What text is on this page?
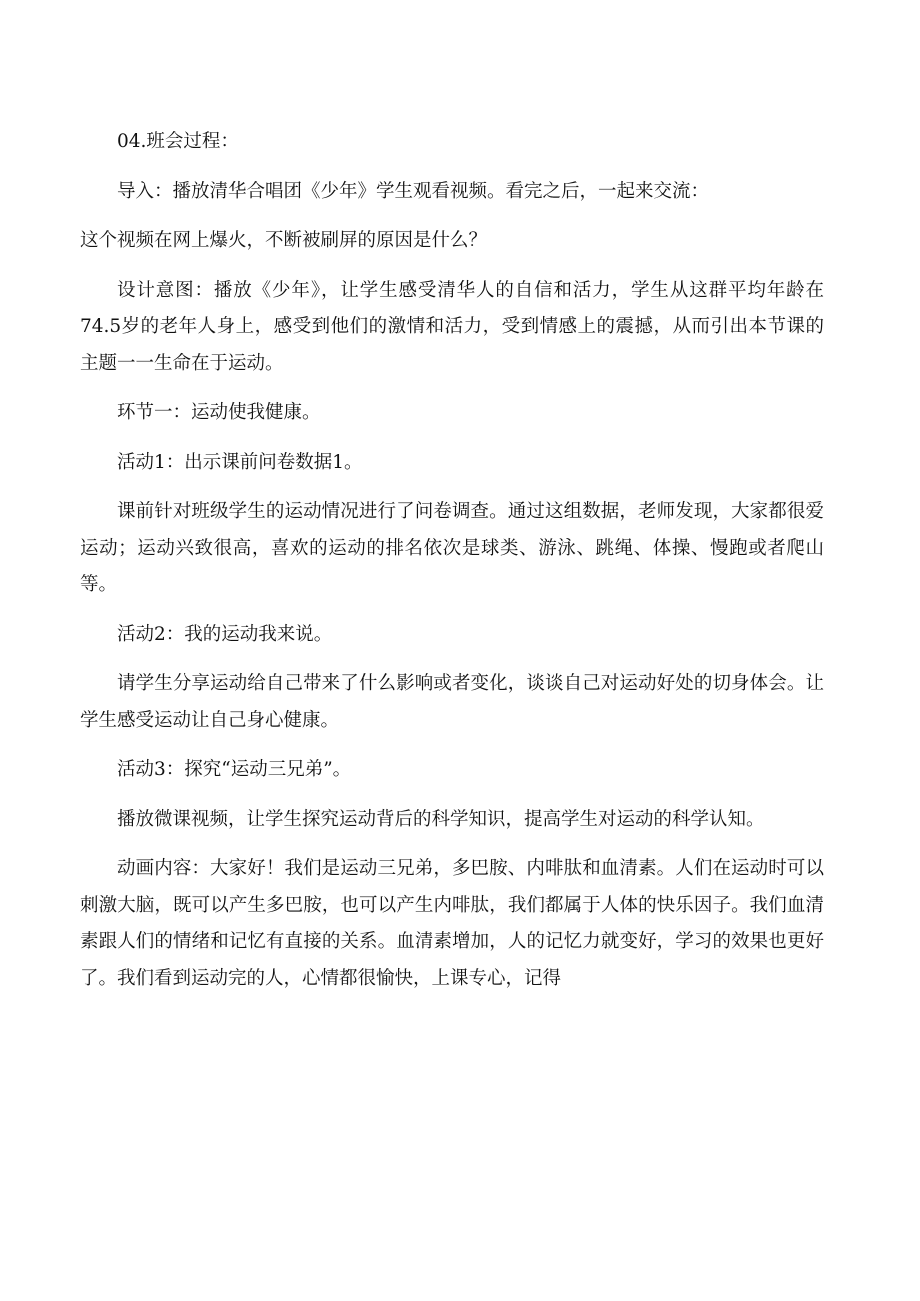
04.班会过程：

导入：播放清华合唱团《少年》学生观看视频。看完之后，一起来交流：

这个视频在网上爆火，不断被刷屏的原因是什么？

设计意图：播放《少年》，让学生感受清华人的自信和活力，学生从这群平均年龄在74.5岁的老年人身上，感受到他们的激情和活力，受到情感上的震撼，从而引出本节课的主题一一生命在于运动。

环节一：运动使我健康。

活动1：出示课前问卷数据1。

课前针对班级学生的运动情况进行了问卷调查。通过这组数据，老师发现，大家都很爱运动；运动兴致很高，喜欢的运动的排名依次是球类、游泳、跳绳、体操、慢跑或者爬山等。

活动2：我的运动我来说。

请学生分享运动给自己带来了什么影响或者变化，谈谈自己对运动好处的切身体会。让学生感受运动让自己身心健康。

活动3：探究“运动三兄弟”。

播放微课视频，让学生探究运动背后的科学知识，提高学生对运动的科学认知。

动画内容：大家好！我们是运动三兄弟，多巴胺、内啡肽和血清素。人们在运动时可以刺激大脑，既可以产生多巴胺，也可以产生内啡肽，我们都属于人体的快乐因子。我们血清素跟人们的情绪和记忆有直接的关系。血清素增加，人的记忆力就变好，学习的效果也更好了。我们看到运动完的人，心情都很愉快，上课专心，记得
